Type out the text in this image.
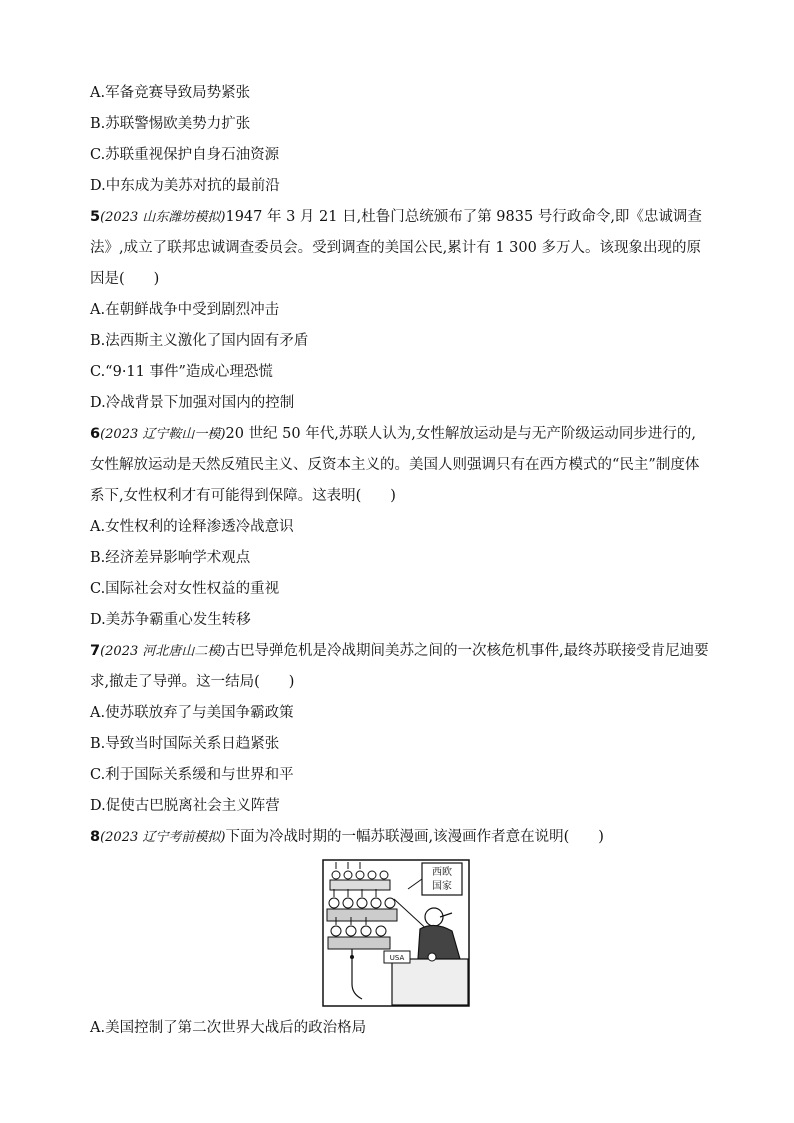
A.军备竞赛导致局势紧张
B.苏联警惕欧美势力扩张
C.苏联重视保护自身石油资源
D.中东成为美苏对抗的最前沿
5(2023 山东潍坊模拟)1947 年 3 月 21 日,杜鲁门总统颁布了第 9835 号行政命令,即《忠诚调查法》,成立了联邦忠诚调查委员会。受到调查的美国公民,累计有 1 300 多万人。该现象出现的原因是(　　)
A.在朝鲜战争中受到剧烈冲击
B.法西斯主义激化了国内固有矛盾
C.“9·11 事件”造成心理恐慌
D.冷战背景下加强对国内的控制
6(2023 辽宁鞍山一模)20 世纪 50 年代,苏联人认为,女性解放运动是与无产阶级运动同步进行的,女性解放运动是天然反殖民主义、反资本主义的。美国人则强调只有在西方模式的“民主”制度体系下,女性权利才有可能得到保障。这表明(　　)
A.女性权利的诠释渗透冷战意识
B.经济差异影响学术观点
C.国际社会对女性权益的重视
D.美苏争霸重心发生转移
7(2023 河北唐山二模)古巴导弹危机是冷战期间美苏之间的一次核危机事件,最终苏联接受肯尼迪要求,撤走了导弹。这一结局(　　)
A.使苏联放弃了与美国争霸政策
B.导致当时国际关系日趋紧张
C.利于国际关系缓和与世界和平
D.促使古巴脱离社会主义阵营
8(2023 辽宁考前模拟)下面为冷战时期的一幅苏联漫画,该漫画作者意在说明(　　)
西欧
国家
USA
A.美国控制了第二次世界大战后的政治格局
